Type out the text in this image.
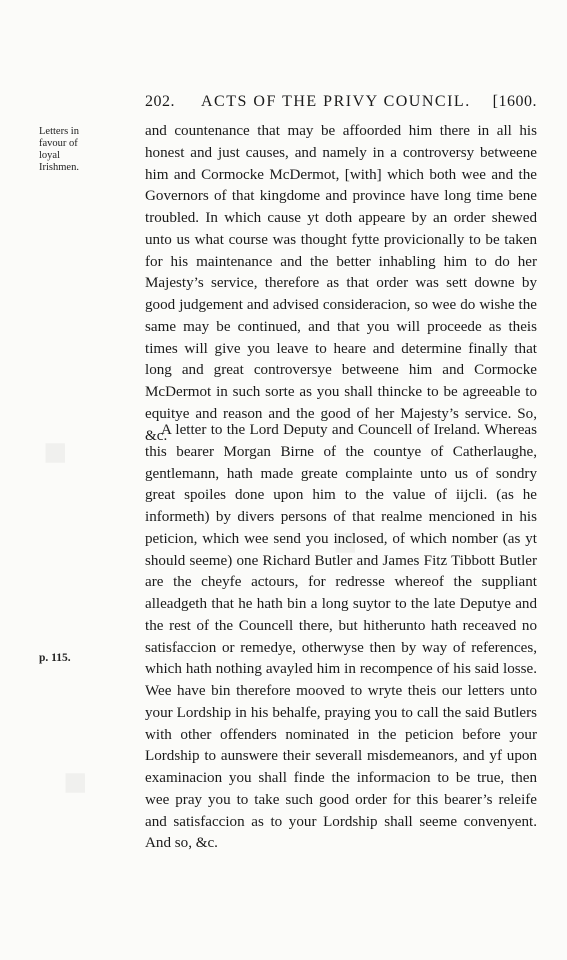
202. ACTS OF THE PRIVY COUNCIL. [1600.
Letters in favour of loyal Irishmen.
p. 115.

and countenance that may be affoorded him there in all his honest and just causes, and namely in a controversy betweene him and Cormocke McDermot, [with] which both wee and the Governors of that kingdome and province have long time bene troubled. In which cause yt doth appeare by an order shewed unto us what course was thought fytte provicionally to be taken for his maintenance and the better inhabling him to do her Majesty’s service, therefore as that order was sett downe by good judgement and advised consideracion, so wee do wishe the same may be continued, and that you will proceede as theis times will give you leave to heare and determine finally that long and great controversye betweene him and Cormocke McDermot in such sorte as you shall thincke to be agreeable to equitye and reason and the good of her Majesty’s service. So, &c.

A letter to the Lord Deputy and Councell of Ireland. Whereas this bearer Morgan Birne of the countye of Catherlaughe, gentlemann, hath made greate complainte unto us of sondry great spoiles done upon him to the value of iijcli. (as he informeth) by divers persons of that realme mencioned in his peticion, which wee send you inclosed, of which nomber (as yt should seeme) one Richard Butler and James Fitz Tibbott Butler are the cheyfe actours, for redresse whereof the suppliant alleadgeth that he hath bin a long suytor to the late Deputye and the rest of the Councell there, but hitherunto hath receaved no satisfaccion or remedye, otherwyse then by way of references, which hath nothing avayled him in recompence of his said losse. Wee have bin therefore mooved to wryte theis our letters unto your Lordship in his behalfe, praying you to call the said Butlers with other offenders nominated in the peticion before your Lordship to aunswere their severall misdemeanors, and yf upon examinacion you shall finde the informacion to be true, then wee pray you to take such good order for this bearer’s releife and satisfaccion as to your Lordship shall seeme convenyent. And so, &c.
